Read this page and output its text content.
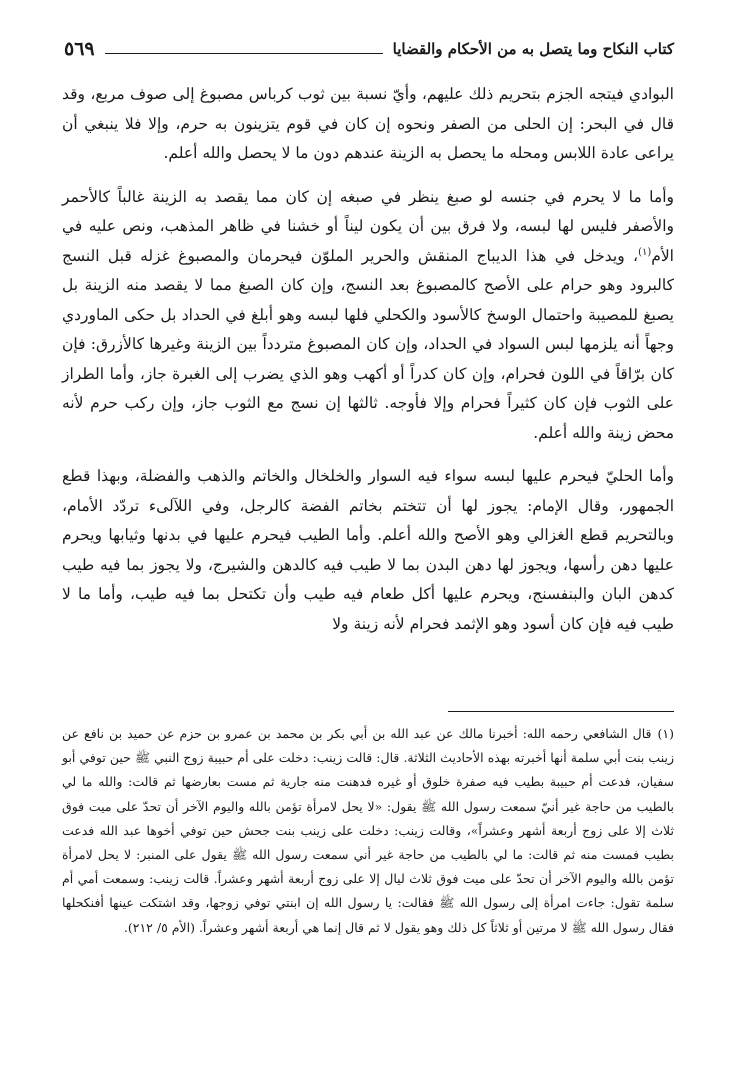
كتاب النكاح وما يتصل به من الأحكام والقضايا
٥٦٩

البوادي فيتجه الجزم بتحريم ذلك عليهم، وأيّ نسبة بين ثوب كرباس مصبوغ إلى صوف مربع، وقد قال في البحر: إن الحلى من الصفر ونحوه إن كان في قوم يتزينون به حرم، وإلا فلا ينبغي أن يراعى عادة اللابس ومحله ما يحصل به الزينة عندهم دون ما لا يحصل والله أعلم.

وأما ما لا يحرم في جنسه لو صبغ ينظر في صبغه إن كان مما يقصد به الزينة غالباً كالأحمر والأصفر فليس لها لبسه، ولا فرق بين أن يكون ليناً أو خشنا في ظاهر المذهب، ونص عليه في الأم$^{(١)}$، ويدخل في هذا الديباج المنقش والحرير الملوّن فيحرمان والمصبوغ غزله قبل النسج كالبرود وهو حرام على الأصح كالمصبوغ بعد النسج، وإن كان الصبغ مما لا يقصد منه الزينة بل يصبغ للمصيبة واحتمال الوسخ كالأسود والكحلي فلها لبسه وهو أبلغ في الحداد بل حكى الماوردي وجهاً أنه يلزمها لبس السواد في الحداد، وإن كان المصبوغ متردداً بين الزينة وغيرها كالأزرق: فإن كان برّاقاً في اللون فحرام، وإن كان كدراً أو أكهب وهو الذي يضرب إلى الغبرة جاز، وأما الطراز على الثوب فإن كان كثيراً فحرام وإلا فأوجه. ثالثها إن نسج مع الثوب جاز، وإن ركب حرم لأنه محض زينة والله أعلم.

وأما الحليّ فيحرم عليها لبسه سواء فيه السوار والخلخال والخاتم والذهب والفضلة، وبهذا قطع الجمهور، وقال الإمام: يجوز لها أن تتختم بخاتم الفضة كالرجل، وفي اللآلىء تردّد الأمام، وبالتحريم قطع الغزالي وهو الأصح والله أعلم. وأما الطيب فيحرم عليها في بدنها وثيابها ويحرم عليها دهن رأسها، ويجوز لها دهن البدن بما لا طيب فيه كالدهن والشيرج، ولا يجوز بما فيه طيب كدهن البان والبنفسنج، ويحرم عليها أكل طعام فيه طيب وأن تكتحل بما فيه طيب، وأما ما لا طيب فيه فإن كان أسود وهو الإثمد فحرام لأنه زينة ولا

(١)قال الشافعي رحمه الله: أخبرنا مالك عن عبد الله بن أبي بكر بن محمد بن عمرو بن حزم عن حميد بن نافع عن زينب بنت أبي سلمة أنها أخبرته بهذه الأحاديث الثلاثة. قال: قالت زينب: دخلت على أم حبيبة زوج النبي ﷺ حين توفي أبو سفيان، فدعت أم حبيبة بطيب فيه صفرة خلوق أو غيره فدهنت منه جارية ثم مست بعارضها ثم قالت: والله ما لي بالطيب من حاجة غير أنيّ سمعت رسول الله ﷺ يقول: «لا يحل لامرأة تؤمن بالله واليوم الآخر أن تحدّ على ميت فوق ثلاث إلا على زوج أربعة أشهر وعشراً»، وقالت زينب: دخلت على زينب بنت جحش حين توفي أخوها عبد الله فدعت بطيب فمست منه ثم قالت: ما لي بالطيب من حاجة غير أني سمعت رسول الله ﷺ يقول على المنبر: لا يحل لامرأة تؤمن بالله واليوم الآخر أن تحدّ على ميت فوق ثلاث ليال إلا على زوج أربعة أشهر وعشراً. قالت زينب: وسمعت أمي أم سلمة تقول: جاءت امرأة إلى رسول الله ﷺ فقالت: يا رسول الله إن ابنتي توفي زوجها، وقد اشتكت عينها أفنكحلها فقال رسول الله ﷺ لا مرتين أو ثلاثاً كل ذلك وهو يقول لا ثم قال إنما هي أربعة أشهر وعشراً. (الأم ٥/ ٢١٢).
